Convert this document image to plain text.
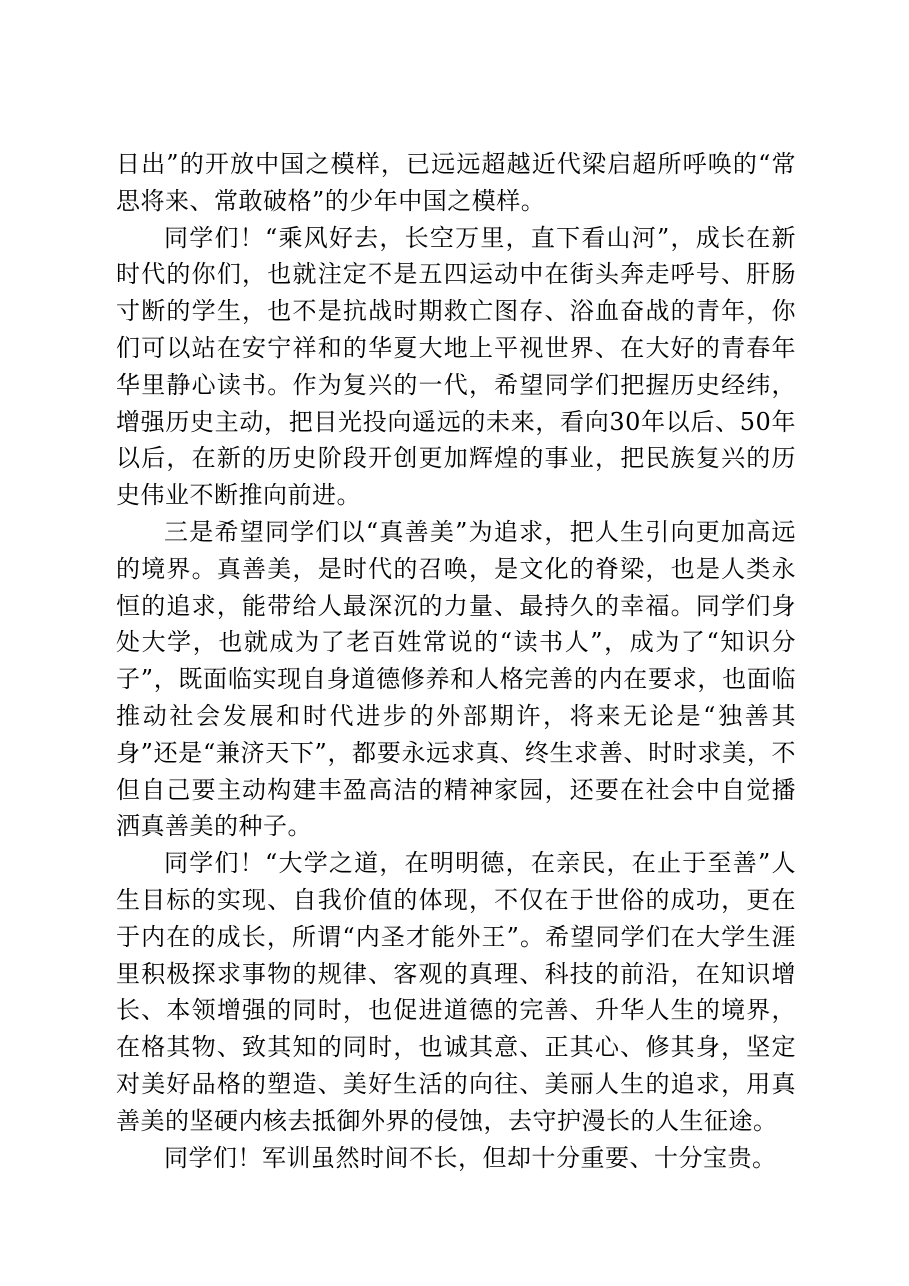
日出”的开放中国之模样，已远远超越近代梁启超所呼唤的“常思将来、常敢破格”的少年中国之模样。

同学们！“乘风好去，长空万里，直下看山河”，成长在新时代的你们，也就注定不是五四运动中在街头奔走呼号、肝肠寸断的学生，也不是抗战时期救亡图存、浴血奋战的青年，你们可以站在安宁祥和的华夏大地上平视世界、在大好的青春年华里静心读书。作为复兴的一代，希望同学们把握历史经纬，增强历史主动，把目光投向遥远的未来，看向30年以后、50年以后，在新的历史阶段开创更加辉煌的事业，把民族复兴的历史伟业不断推向前进。

三是希望同学们以“真善美”为追求，把人生引向更加高远的境界。真善美，是时代的召唤，是文化的脊梁，也是人类永恒的追求，能带给人最深沉的力量、最持久的幸福。同学们身处大学，也就成为了老百姓常说的“读书人”，成为了“知识分子”，既面临实现自身道德修养和人格完善的内在要求，也面临推动社会发展和时代进步的外部期许，将来无论是“独善其身”还是“兼济天下”，都要永远求真、终生求善、时时求美，不但自己要主动构建丰盈高洁的精神家园，还要在社会中自觉播洒真善美的种子。

同学们！“大学之道，在明明德，在亲民，在止于至善”人生目标的实现、自我价值的体现，不仅在于世俗的成功，更在于内在的成长，所谓“内圣才能外王”。希望同学们在大学生涯里积极探求事物的规律、客观的真理、科技的前沿，在知识增长、本领增强的同时，也促进道德的完善、升华人生的境界，在格其物、致其知的同时，也诚其意、正其心、修其身，坚定对美好品格的塑造、美好生活的向往、美丽人生的追求，用真善美的坚硬内核去抵御外界的侵蚀，去守护漫长的人生征途。

同学们！军训虽然时间不长，但却十分重要、十分宝贵。
